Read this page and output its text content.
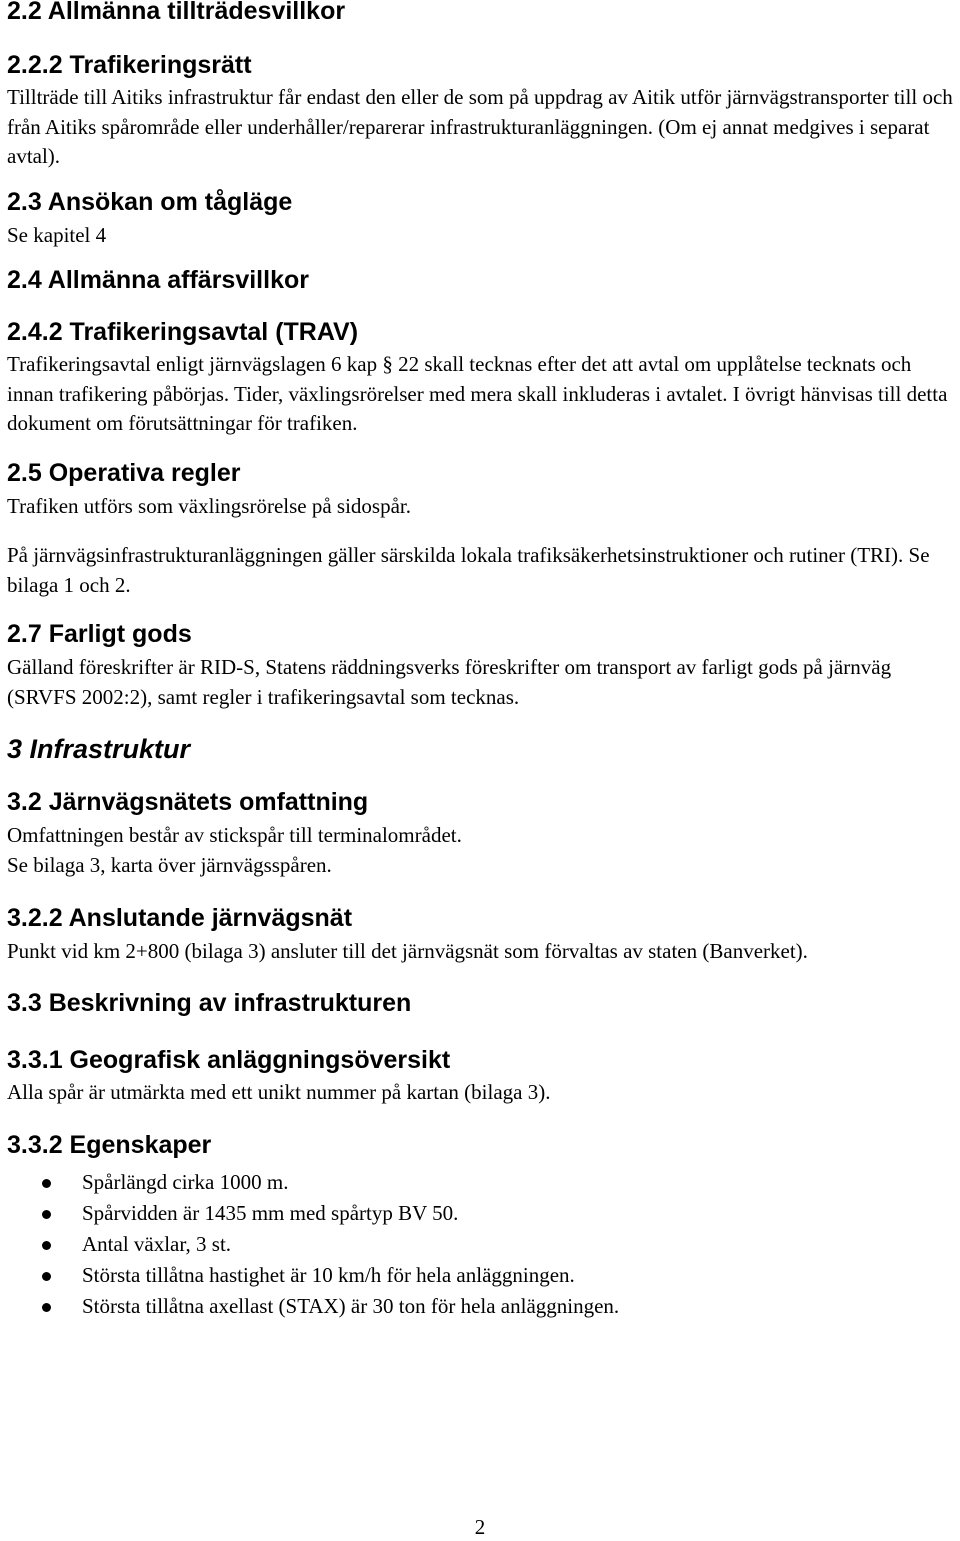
2.2 Allmänna tillträdesvillkor
2.2.2 Trafikeringsrätt

Tillträde till Aitiks infrastruktur får endast den eller de som på uppdrag av Aitik utför järnvägstransporter till och från Aitiks spårområde eller underhåller/reparerar infrastrukturanläggningen. (Om ej annat medgives i separat avtal).

2.3 Ansökan om tågläge

Se kapitel 4

2.4 Allmänna affärsvillkor
2.4.2 Trafikeringsavtal (TRAV)

Trafikeringsavtal enligt järnvägslagen 6 kap § 22 skall tecknas efter det att avtal om upplåtelse tecknats och innan trafikering påbörjas. Tider, växlingsrörelser med mera skall inkluderas i avtalet. I övrigt hänvisas till detta dokument om förutsättningar för trafiken.

2.5 Operativa regler

Trafiken utförs som växlingsrörelse på sidospår.

På järnvägsinfrastrukturanläggningen gäller särskilda lokala trafiksäkerhetsinstruktioner och rutiner (TRI). Se bilaga 1 och 2.

2.7 Farligt gods

Gälland föreskrifter är RID-S, Statens räddningsverks föreskrifter om transport av farligt gods på järnväg (SRVFS 2002:2), samt regler i trafikeringsavtal som tecknas.

3 Infrastruktur
3.2 Järnvägsnätets omfattning

Omfattningen består av stickspår till terminalområdet.

Se bilaga 3, karta över järnvägsspåren.

3.2.2 Anslutande järnvägsnät

Punkt vid km 2+800 (bilaga 3) ansluter till det järnvägsnät som förvaltas av staten (Banverket).

3.3 Beskrivning av infrastrukturen
3.3.1 Geografisk anläggningsöversikt

Alla spår är utmärkta med ett unikt nummer på kartan (bilaga 3).

3.3.2 Egenskaper
Spårlängd cirka 1000 m.
Spårvidden är 1435 mm med spårtyp BV 50.
Antal växlar, 3 st.
Största tillåtna hastighet är 10 km/h för hela anläggningen.
Största tillåtna axellast (STAX) är 30 ton för hela anläggningen.
2
